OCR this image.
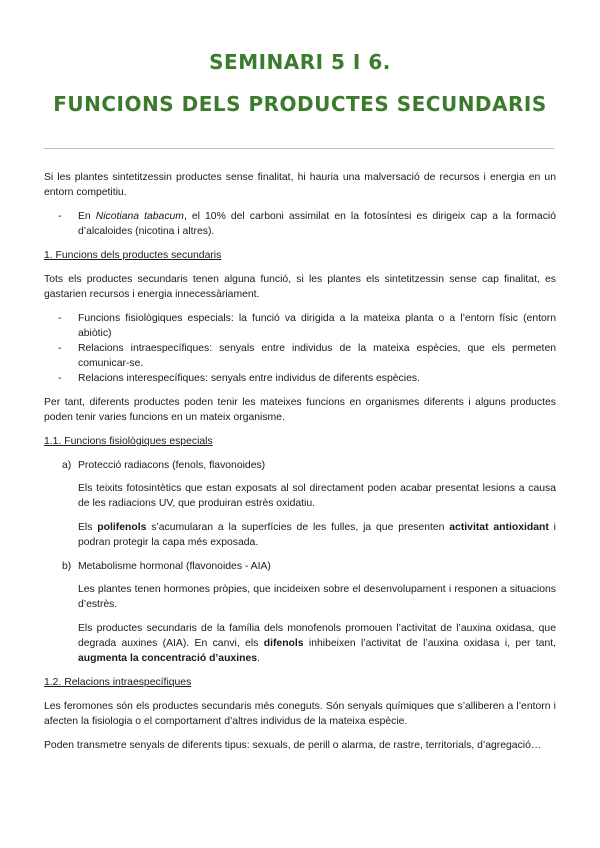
SEMINARI 5 I 6.
FUNCIONS DELS PRODUCTES SECUNDARIS

Si les plantes sintetitzessin productes sense finalitat, hi hauria una malversació de recursos i energia en un entorn competitiu.

- En Nicotiana tabacum, el 10% del carboni assimilat en la fotosíntesi es dirigeix cap a la formació d’alcaloides (nicotina i altres).
1. Funcions dels productes secundaris

Tots els productes secundaris tenen alguna funció, si les plantes els sintetitzessin sense cap finalitat, es gastarien recursos i energia innecessàriament.

- Funcions fisiològiques especials: la funció va dirigida a la mateixa planta o a l’entorn físic (entorn abiòtic)
- Relacions intraespecífiques: senyals entre individus de la mateixa espècies, que els permeten comunicar-se.
- Relacions interespecífiques: senyals entre individus de diferents espècies.

Per tant, diferents productes poden tenir les mateixes funcions en organismes diferents i alguns productes poden tenir varies funcions en un mateix organisme.

1.1. Funcions fisiològiques especials
a) Protecció radiacons (fenols, flavonoides)

Els teixits fotosintètics que estan exposats al sol directament poden acabar presentat lesions a causa de les radiacions UV, que produiran estrès oxidatiu.

Els polifenols s’acumularan a la superfícies de les fulles, ja que presenten activitat antioxidant i podran protegir la capa més exposada.

b) Metabolisme hormonal (flavonoides - AIA)

Les plantes tenen hormones pròpies, que incideixen sobre el desenvolupament i responen a situacions d’estrès.

Els productes secundaris de la família dels monofenols promouen l’activitat de l’auxina oxidasa, que degrada auxines (AIA). En canvi, els difenols inhibeixen l’activitat de l’auxina oxidasa i, per tant, augmenta la concentració d’auxines.

1.2. Relacions intraespecífiques

Les feromones són els productes secundaris més coneguts. Són senyals químiques que s’alliberen a l’entorn i afecten la fisiologia o el comportament d’altres individus de la mateixa espècie.

Poden transmetre senyals de diferents tipus: sexuals, de perill o alarma, de rastre, territorials, d’agregació…
